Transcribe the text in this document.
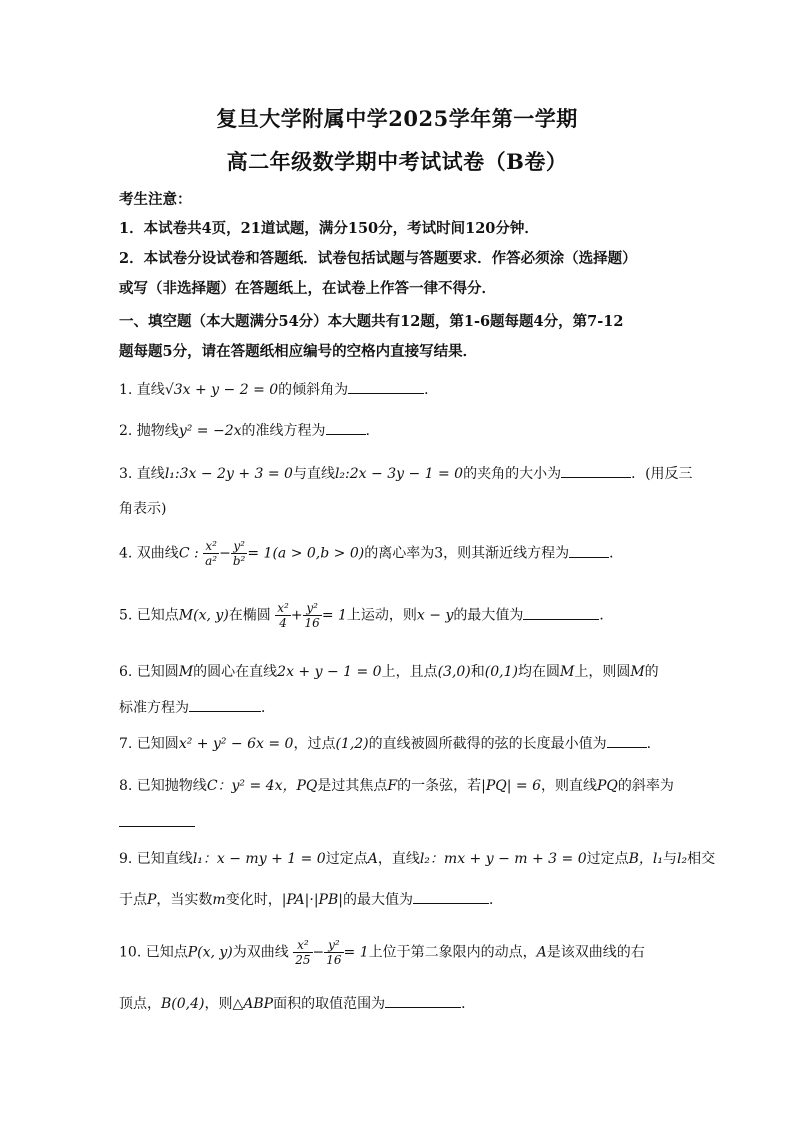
复旦大学附属中学2025学年第一学期
高二年级数学期中考试试卷（B卷）
考生注意：
1．本试卷共4页，21道试题，满分150分，考试时间120分钟．
2．本试卷分设试卷和答题纸．试卷包括试题与答题要求．作答必须涂（选择题）
或写（非选择题）在答题纸上，在试卷上作答一律不得分．
一、填空题（本大题满分54分）本大题共有12题，第1-6题每题4分，第7-12
题每题5分，请在答题纸相应编号的空格内直接写结果．
1. 直线√3x + y − 2 = 0的倾斜角为	．
2. 抛物线y² = −2x的准线方程为	.
3. 直线l₁:3x − 2y + 3 = 0与直线l₂:2x − 3y − 1 = 0的夹角的大小为	．(用反三
角表示)
4. 双曲线C : $\frac{\text{x²}}{\text{a²}} - \frac{\text{y²}}{\text{b²}} = 1(a > 0,b > 0)$的离心率为3，则其渐近线方程为	．
5. 已知点M(x, y)在椭圆 $\frac{\text{x²}}{4} + \frac{\text{y²}}{16} = 1$上运动，则x − y的最大值为	．
6. 已知圆M的圆心在直线2x + y − 1 = 0上，且点(3,0)和(0,1)均在圆M上，则圆M的
标准方程为	．
7. 已知圆x² + y² − 6x = 0，过点(1,2)的直线被圆所截得的弦的长度最小值为	.
8. 已知抛物线C：y² = 4x，PQ是过其焦点F的一条弦，若|PQ| = 6，则直线PQ的斜率为
9. 已知直线l₁：x − my + 1 = 0过定点A，直线l₂：mx + y − m + 3 = 0过定点B，l₁与l₂相交
于点P，当实数m变化时，|PA|·|PB|的最大值为	．
10. 已知点P(x, y)为双曲线 $\frac{\text{x²}}{25} - \frac{\text{y²}}{16} = 1$上位于第二象限内的动点，A是该双曲线的右
顶点，B(0,4)，则△ABP面积的取值范围为	．
